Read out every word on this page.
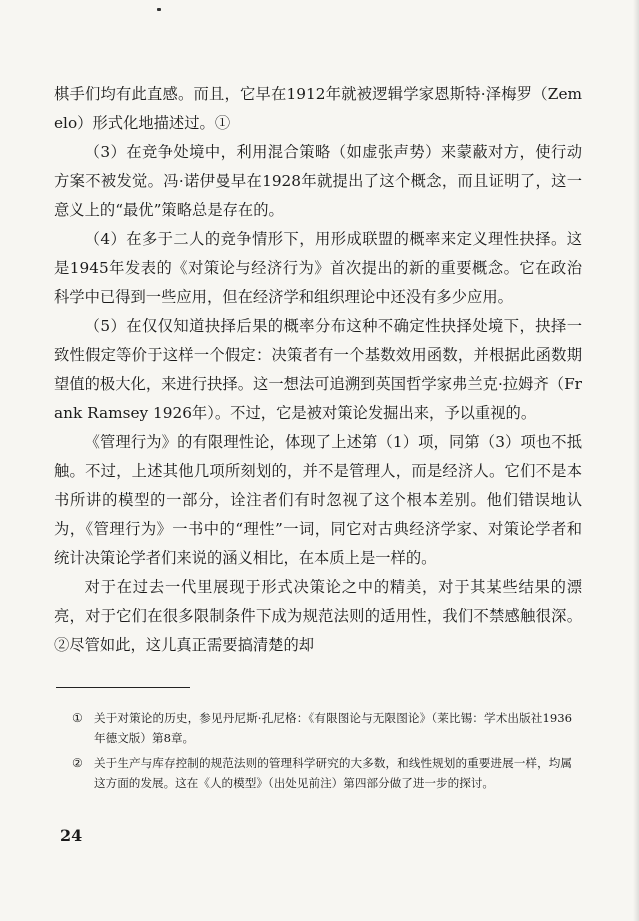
棋手们均有此直感。而且，它早在1912年就被逻辑学家恩斯特·泽梅罗（Zemelo）形式化地描述过。①

（3）在竞争处境中，利用混合策略（如虚张声势）来蒙蔽对方，使行动方案不被发觉。冯·诺伊曼早在1928年就提出了这个概念，而且证明了，这一意义上的“最优”策略总是存在的。

（4）在多于二人的竞争情形下，用形成联盟的概率来定义理性抉择。这是1945年发表的《对策论与经济行为》首次提出的新的重要概念。它在政治科学中已得到一些应用，但在经济学和组织理论中还没有多少应用。

（5）在仅仅知道抉择后果的概率分布这种不确定性抉择处境下，抉择一致性假定等价于这样一个假定：决策者有一个基数效用函数，并根据此函数期望值的极大化，来进行抉择。这一想法可追溯到英国哲学家弗兰克·拉姆齐（Frank Ramsey 1926年）。不过，它是被对策论发掘出来，予以重视的。

《管理行为》的有限理性论，体现了上述第（1）项，同第（3）项也不抵触。不过，上述其他几项所刻划的，并不是管理人，而是经济人。它们不是本书所讲的模型的一部分，诠注者们有时忽视了这个根本差别。他们错误地认为，《管理行为》一书中的“理性”一词，同它对古典经济学家、对策论学者和统计决策论学者们来说的涵义相比，在本质上是一样的。

对于在过去一代里展现于形式决策论之中的精美，对于其某些结果的漂亮，对于它们在很多限制条件下成为规范法则的适用性，我们不禁感触很深。②尽管如此，这儿真正需要搞清楚的却

① 关于对策论的历史，参见丹尼斯·孔尼格：《有限图论与无限图论》（莱比锡：学术出版社1936年德文版）第8章。
② 关于生产与库存控制的规范法则的管理科学研究的大多数，和线性规划的重要进展一样，均属这方面的发展。这在《人的模型》（出处见前注）第四部分做了进一步的探讨。
24
